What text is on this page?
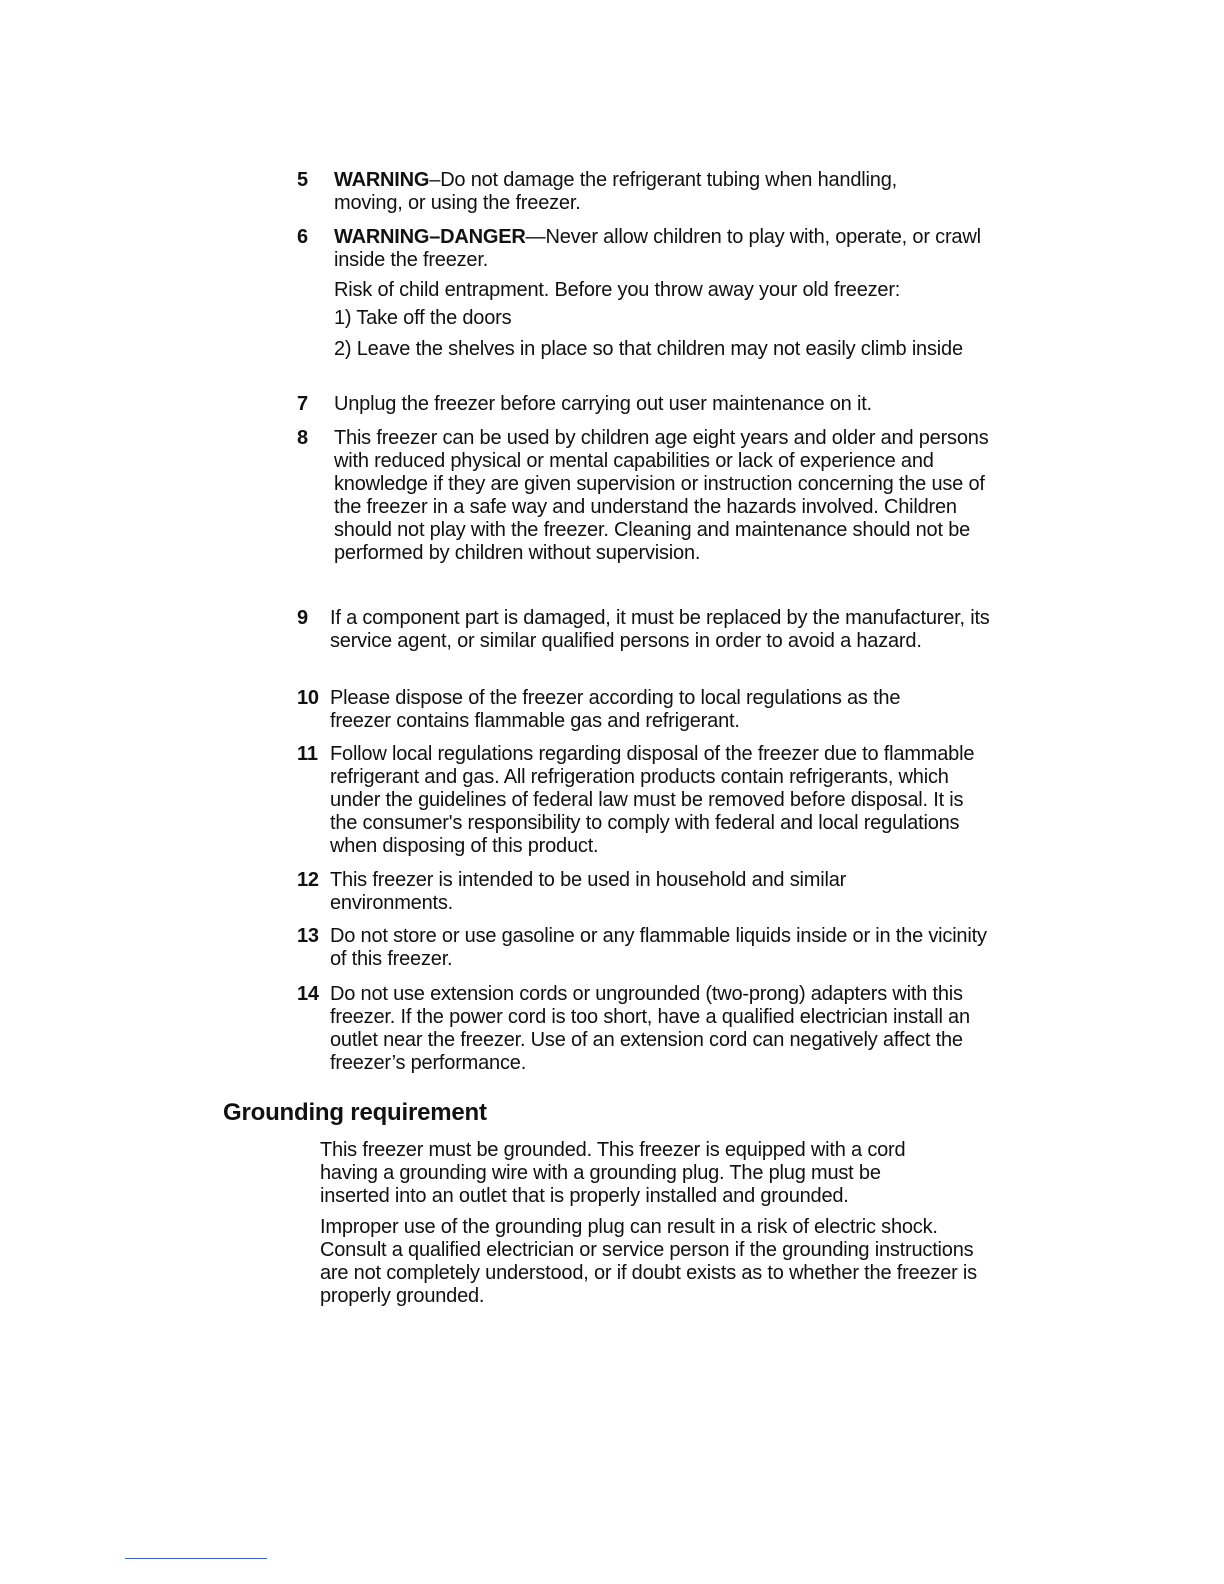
5 WARNING–Do not damage the refrigerant tubing when handling, moving, or using the freezer.
6 WARNING–DANGER—Never allow children to play with, operate, or crawl inside the freezer.
Risk of child entrapment. Before you throw away your old freezer:
1) Take off the doors
2) Leave the shelves in place so that children may not easily climb inside
7 Unplug the freezer before carrying out user maintenance on it.
8 This freezer can be used by children age eight years and older and persons with reduced physical or mental capabilities or lack of experience and knowledge if they are given supervision or instruction concerning the use of the freezer in a safe way and understand the hazards involved. Children should not play with the freezer. Cleaning and maintenance should not be performed by children without supervision.
9 If a component part is damaged, it must be replaced by the manufacturer, its service agent, or similar qualified persons in order to avoid a hazard.
10 Please dispose of the freezer according to local regulations as the freezer contains flammable gas and refrigerant.
11 Follow local regulations regarding disposal of the freezer due to flammable refrigerant and gas. All refrigeration products contain refrigerants, which under the guidelines of federal law must be removed before disposal. It is the consumer's responsibility to comply with federal and local regulations when disposing of this product.
12 This freezer is intended to be used in household and similar environments.
13 Do not store or use gasoline or any flammable liquids inside or in the vicinity of this freezer.
14 Do not use extension cords or ungrounded (two-prong) adapters with this freezer. If the power cord is too short, have a qualified electrician install an outlet near the freezer. Use of an extension cord can negatively affect the freezer’s performance.
Grounding requirement
This freezer must be grounded. This freezer is equipped with a cord having a grounding wire with a grounding plug. The plug must be inserted into an outlet that is properly installed and grounded.
Improper use of the grounding plug can result in a risk of electric shock. Consult a qualified electrician or service person if the grounding instructions are not completely understood, or if doubt exists as to whether the freezer is properly grounded.
